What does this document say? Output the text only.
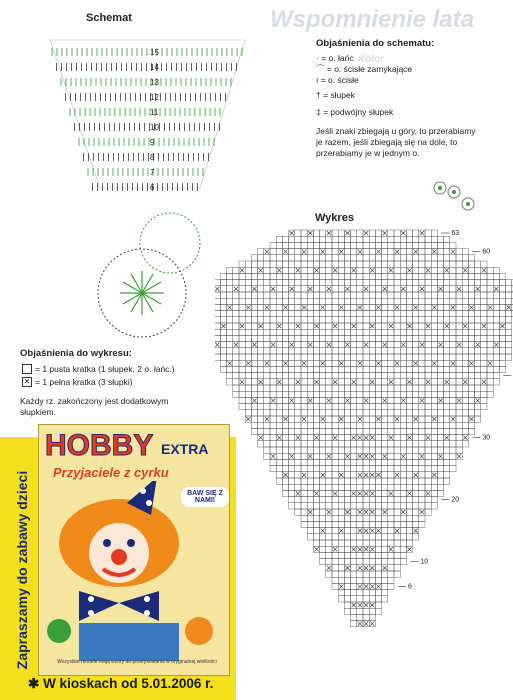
Wspomnienie lata
Kolor
Schemat
15
14
13
12
11
10
9
8
7
6
Objaśnienia do schematu:
· = o. łańc
⌒ = o. ścisłe zamykające
ı = o. ścisłe
† = słupek
‡ = podwójny słupek
Jeśli znaki zbiegają u góry, to przerabiamy je razem, jeśli zbiegają się na dole, to przerabiamy je w jednym o.
Wykres
63
60
30
20
10
6
Objaśnienia do wykresu:
= 1 pusta kratka (1 słupek, 2 o. łańc.)
✕ = 1 pełna kratka (3 słupki)
Każdy rz. zakończony jest dodatkowym słupkiem.
Zapraszamy do zabawy dzieci
HOBBY EXTRA
Przyjaciele z cyrku
BAW SIĘ Z NAMI!
Wszystkie modele mają wzory do przerysowania w oryginalnej wielkości
✱ W kioskach od 5.01.2006 r.
